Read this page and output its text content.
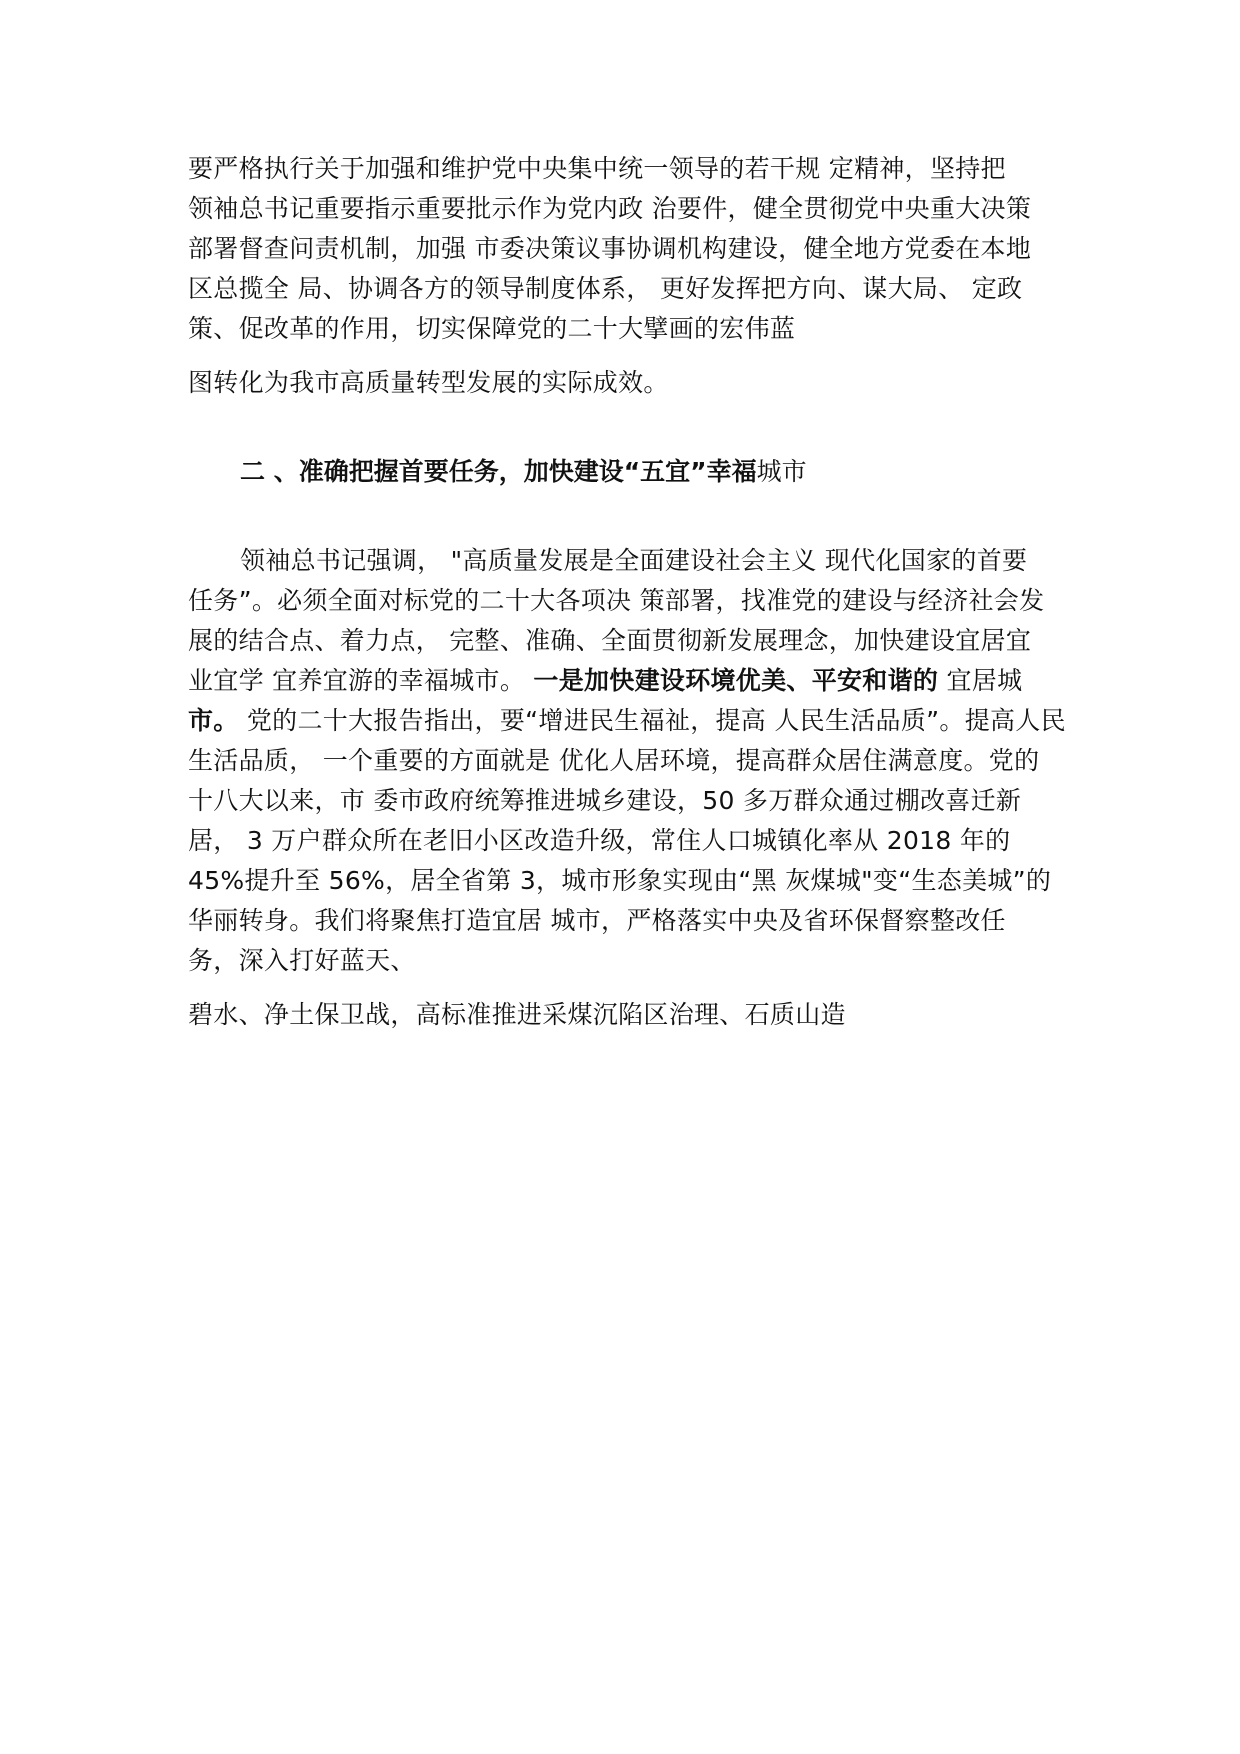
要严格执行关于加强和维护党中央集中统一领导的若干规 定精神，坚持把
领袖总书记重要指示重要批示作为党内政 治要件，健全贯彻党中央重大决策
部署督查问责机制，加强 市委决策议事协调机构建设，健全地方党委在本地
区总揽全 局、协调各方的领导制度体系， 更好发挥把方向、谋大局、 定政
策、促改革的作用，切实保障党的二十大擘画的宏伟蓝
图转化为我市高质量转型发展的实际成效。
二 、准确把握首要任务，加快建设“五宜”幸福城市
领袖总书记强调， "高质量发展是全面建设社会主义 现代化国家的首要
任务”。必须全面对标党的二十大各项决 策部署，找准党的建设与经济社会发
展的结合点、着力点， 完整、准确、全面贯彻新发展理念，加快建设宜居宜
业宜学 宜养宜游的幸福城市。 一是加快建设环境优美、平安和谐的 宜居城
市。 党的二十大报告指出，要“增进民生福祉，提高 人民生活品质”。提高人民
生活品质， 一个重要的方面就是 优化人居环境，提高群众居住满意度。党的
十八大以来，市 委市政府统筹推进城乡建设，50 多万群众通过棚改喜迁新
居， 3 万户群众所在老旧小区改造升级，常住人口城镇化率从 2018 年的
45%提升至 56%，居全省第 3，城市形象实现由“黑 灰煤城"变“生态美城”的
华丽转身。我们将聚焦打造宜居 城市，严格落实中央及省环保督察整改任
务，深入打好蓝天、
碧水、净土保卫战，高标准推进采煤沉陷区治理、石质山造
